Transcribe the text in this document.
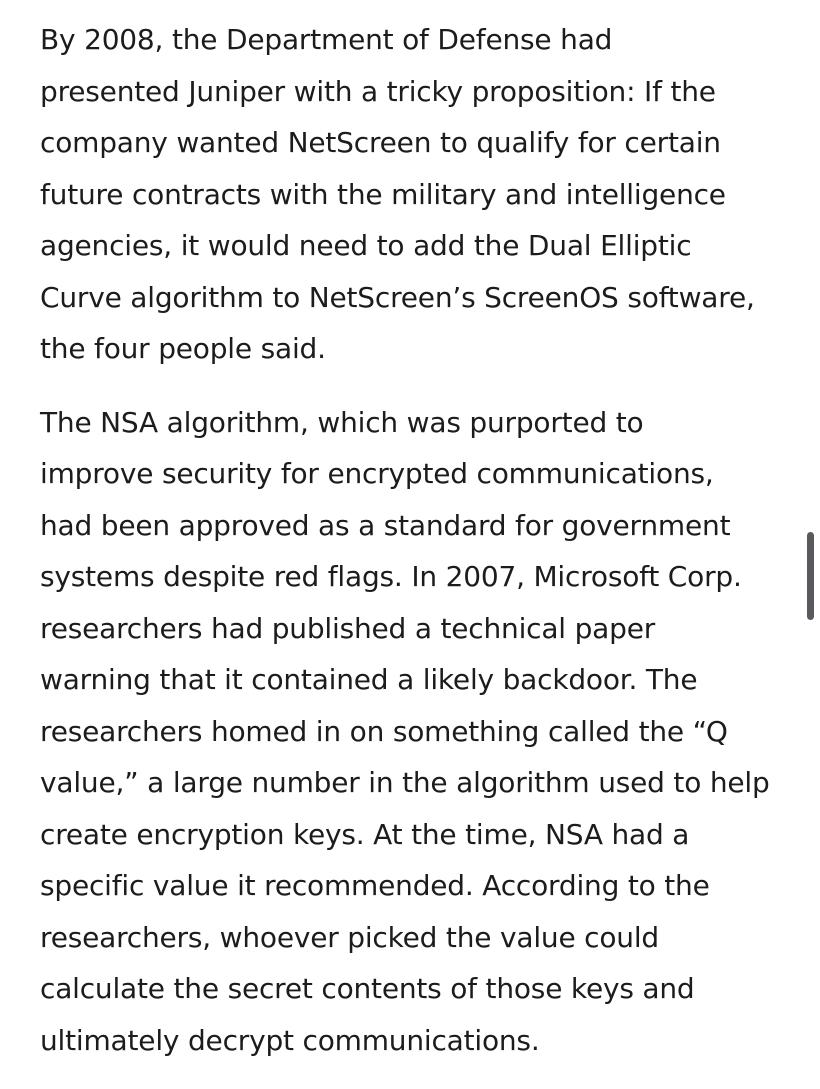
By 2008, the Department of Defense had
presented Juniper with a tricky proposition: If the
company wanted NetScreen to qualify for certain
future contracts with the military and intelligence
agencies, it would need to add the Dual Elliptic
Curve algorithm to NetScreen’s ScreenOS software,
the four people said.

The NSA algorithm, which was purported to
improve security for encrypted communications,
had been approved as a standard for government
systems despite red flags. In 2007, Microsoft Corp.
researchers had published a technical paper
warning that it contained a likely backdoor. The
researchers homed in on something called the “Q
value,” a large number in the algorithm used to help
create encryption keys. At the time, NSA had a
specific value it recommended. According to the
researchers, whoever picked the value could
calculate the secret contents of those keys and
ultimately decrypt communications.
